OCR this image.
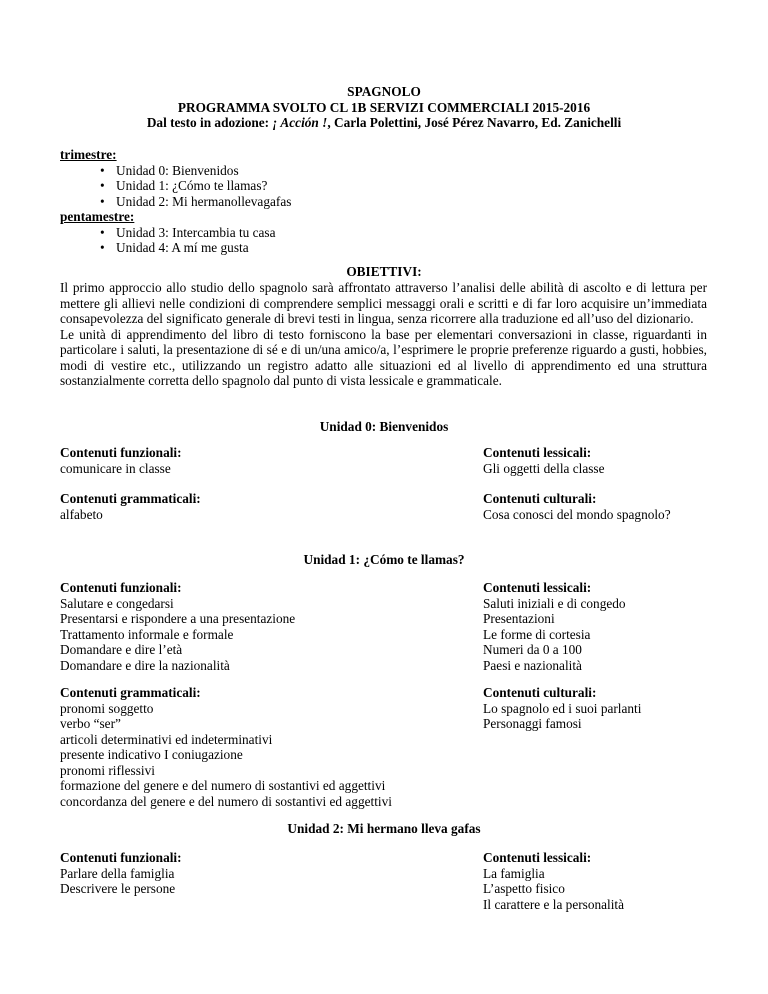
SPAGNOLO
PROGRAMMA SVOLTO CL 1B SERVIZI COMMERCIALI 2015-2016
Dal testo in adozione: ¡ Acción !, Carla Polettini, José Pérez Navarro, Ed. Zanichelli
trimestre:
• Unidad 0: Bienvenidos
• Unidad 1: ¿Cómo te llamas?
• Unidad 2: Mi hermanollevagafas
pentamestre:
• Unidad 3: Intercambia tu casa
• Unidad 4: A mí me gusta
OBIETTIVI:

Il primo approccio allo studio dello spagnolo sarà affrontato attraverso l’analisi delle abilità di ascolto e di lettura per mettere gli allievi nelle condizioni di comprendere semplici messaggi orali e scritti e di far loro acquisire un’immediata consapevolezza del significato generale di brevi testi in lingua, senza ricorrere alla traduzione ed all’uso del dizionario.

Le unità di apprendimento del libro di testo forniscono la base per elementari conversazioni in classe, riguardanti in particolare i saluti, la presentazione di sé e di un/una amico/a, l’esprimere le proprie preferenze riguardo a gusti, hobbies, modi di vestire etc., utilizzando un registro adatto alle situazioni ed al livello di apprendimento ed una struttura sostanzialmente corretta dello spagnolo dal punto di vista lessicale e grammaticale.

Unidad 0: Bienvenidos
Contenuti funzionali:
comunicare in classe
Contenuti lessicali:
Gli oggetti della classe
Contenuti grammaticali:
alfabeto
Contenuti culturali:
Cosa conosci del mondo spagnolo?
Unidad 1: ¿Cómo te llamas?
Contenuti funzionali:
Salutare e congedarsi
Presentarsi e rispondere a una presentazione
Trattamento informale e formale
Domandare e dire l’età
Domandare e dire la nazionalità
Contenuti lessicali:
Saluti iniziali e di congedo
Presentazioni
Le forme di cortesia
Numeri da 0 a 100
Paesi e nazionalità
Contenuti grammaticali:
pronomi soggetto
verbo “ser”
articoli determinativi ed indeterminativi
presente indicativo I coniugazione
pronomi riflessivi
formazione del genere e del numero di sostantivi ed aggettivi
concordanza del genere e del numero di sostantivi ed aggettivi
Contenuti culturali:
Lo spagnolo ed i suoi parlanti
Personaggi famosi
Unidad 2: Mi hermano lleva gafas
Contenuti funzionali:
Parlare della famiglia
Descrivere le persone
Contenuti lessicali:
La famiglia
L’aspetto fisico
Il carattere e la personalità
